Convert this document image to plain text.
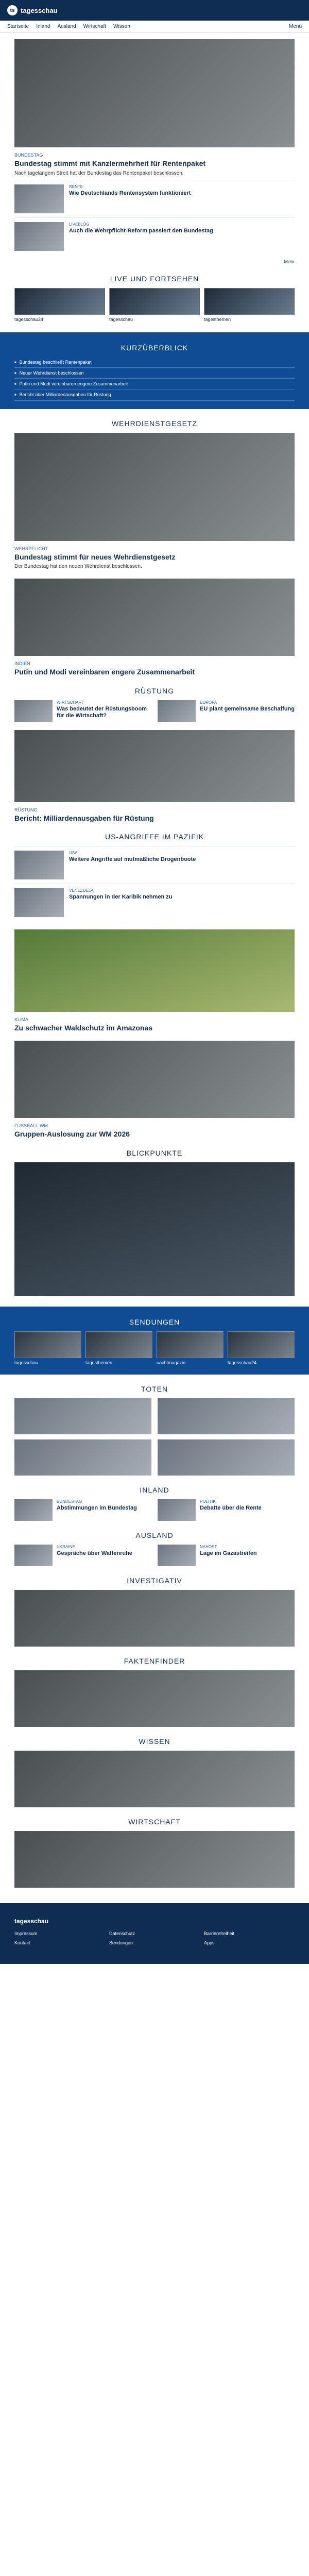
ts tagesschau
Startseite Inland Ausland Wirtschaft Wissen	Menü
BUNDESTAG
Bundestag stimmt mit Kanzlermehrheit für Rentenpaket
Nach tagelangem Streit hat der Bundestag das Rentenpaket beschlossen.
RENTE
Wie Deutschlands Rentensystem funktioniert
LIVEBLOG
Auch die Wehrpflicht-Reform passiert den Bundestag
Mehr
LIVE UND FORTSEHEN
tagesschau24	tagesschau	tagesthemen
KURZÜBERBLICK
■ Bundestag beschließt Rentenpaket
■ Neuer Wehrdienst beschlossen
■ Putin und Modi vereinbaren engere Zusammenarbeit
■ Bericht über Milliardenausgaben für Rüstung
WEHRDIENSTGESETZ
WEHRPFLICHT
Bundestag stimmt für neues Wehrdienstgesetz
Der Bundestag hat den neuen Wehrdienst beschlossen.
INDIEN
Putin und Modi vereinbaren engere Zusammenarbeit
RÜSTUNG
WIRTSCHAFT
Was bedeutet der Rüstungsboom für die Wirtschaft?
EUROPA
EU plant gemeinsame Beschaffung
RÜSTUNG
Bericht: Milliardenausgaben für Rüstung
US-ANGRIFFE IM PAZIFIK
USA
Weitere Angriffe auf mutmaßliche Drogenboote
VENEZUELA
Spannungen in der Karibik nehmen zu
KLIMA
Zu schwacher Waldschutz im Amazonas
FUSSBALL-WM
Gruppen-Auslosung zur WM 2026
BLICKPUNKTE
SENDUNGEN
tagesschau	tagesthemen	nachtmagazin	tagesschau24
TOTEN
INLAND
BUNDESTAG
Abstimmungen im Bundestag
POLITIK
Debatte über die Rente
AUSLAND
UKRAINE
Gespräche über Waffenruhe
NAHOST
Lage im Gazastreifen
INVESTIGATIV
FAKTENFINDER
WISSEN
WIRTSCHAFT
tagesschau
Impressum	Datenschutz	Barrierefreiheit
Kontakt	Sendungen	Apps
